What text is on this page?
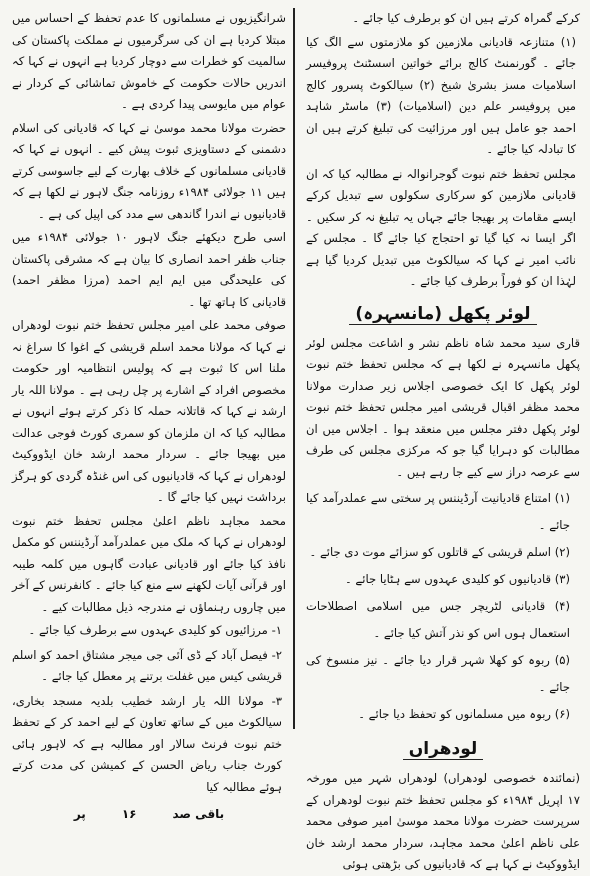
کرکے گمراہ کرتے ہیں ان کو برطرف کیا جائے ۔

(۱) متنازعہ قادیانی ملازمین کو ملازمتوں سے الگ کیا جائے ۔ گورنمنٹ کالج برائے خواتین اسسٹنٹ پروفیسر اسلامیات مسز بشریٰ شیخ (۲) سیالکوٹ پسرور کالج میں پروفیسر علم دین (اسلامیات) (۳) ماسٹر شاہد احمد جو عامل ہیں اور مرزائیت کی تبلیغ کرتے ہیں ان کا تبادلہ کیا جائے ۔

مجلس تحفظ ختم نبوت گوجرانوالہ نے مطالبہ کیا کہ ان قادیانی ملازمین کو سرکاری سکولوں سے تبدیل کرکے ایسے مقامات پر بھیجا جائے جہاں یہ تبلیغ نہ کر سکیں ۔ اگر ایسا نہ کیا گیا تو احتجاج کیا جائے گا ۔ مجلس کے نائب امیر نے کہا کہ سیالکوٹ میں تبدیل کردیا گیا ہے لہٰذا ان کو فوراً برطرف کیا جائے ۔

لوئر پکھل (مانسہرہ)

قاری سید محمد شاہ ناظم نشر و اشاعت مجلس لوئر پکھل مانسہرہ نے لکھا ہے کہ مجلس تحفظ ختم نبوت لوئر پکھل کا ایک خصوصی اجلاس زیر صدارت مولانا محمد مظفر اقبال قریشی امیر مجلس تحفظ ختم نبوت لوئر پکھل دفتر مجلس میں منعقد ہوا ۔ اجلاس میں ان مطالبات کو دہرایا گیا جو کہ مرکزی مجلس کی طرف سے عرصہ دراز سے کیے جا رہے ہیں ۔

(۱) امتناع قادیانیت آرڈیننس پر سختی سے عملدرآمد کیا جائے ۔
(۲) اسلم قریشی کے قاتلوں کو سزائے موت دی جائے ۔
(۳) قادیانیوں کو کلیدی عہدوں سے ہٹایا جائے ۔
(۴) قادیانی لٹریچر جس میں اسلامی اصطلاحات استعمال ہوں اس کو نذر آتش کیا جائے ۔
(۵) ربوہ کو کھلا شہر قرار دیا جائے ۔ نیز منسوخ کی جائے ۔
(۶) ربوہ میں مسلمانوں کو تحفظ دیا جائے ۔
لودھراں

(نمائندہ خصوصی لودھراں) لودھراں شہر میں مورخہ ۱۷ اپریل ۱۹۸۴ء کو مجلس تحفظ ختم نبوت لودھراں کے سرپرست حضرت مولانا محمد موسیٰ امیر صوفی محمد علی ناظم اعلیٰ محمد مجاہد، سردار محمد ارشد خان ایڈووکیٹ نے کہا ہے کہ قادیانیوں کی بڑھتی ہوئی

شرانگیزیوں نے مسلمانوں کا عدم تحفظ کے احساس میں مبتلا کردیا ہے ان کی سرگرمیوں نے مملکت پاکستان کی سالمیت کو خطرات سے دوچار کردیا ہے انہوں نے کہا کہ اندریں حالات حکومت کے خاموش تماشائی کے کردار نے عوام میں مایوسی پیدا کردی ہے ۔

حضرت مولانا محمد موسیٰ نے کہا کہ قادیانی کی اسلام دشمنی کے دستاویزی ثبوت پیش کیے ۔ انہوں نے کہا کہ قادیانی مسلمانوں کے خلاف بھارت کے لیے جاسوسی کرتے ہیں ۱۱ جولائی ۱۹۸۴ء روزنامہ جنگ لاہور نے لکھا ہے کہ قادیانیوں نے اندرا گاندھی سے مدد کی اپیل کی ہے ۔

اسی طرح دیکھئے جنگ لاہور ۱۰ جولائی ۱۹۸۴ء میں جناب ظفر احمد انصاری کا بیان ہے کہ مشرقی پاکستان کی علیحدگی میں ایم ایم احمد (مرزا مظفر احمد) قادیانی کا ہاتھ تھا ۔

صوفی محمد علی امیر مجلس تحفظ ختم نبوت لودھراں نے کہا کہ مولانا محمد اسلم قریشی کے اغوا کا سراغ نہ ملنا اس کا ثبوت ہے کہ پولیس انتظامیہ اور حکومت مخصوص افراد کے اشارے پر چل رہی ہے ۔ مولانا اللہ یار ارشد نے کہا کہ قاتلانہ حملہ کا ذکر کرتے ہوئے انہوں نے مطالبہ کیا کہ ان ملزمان کو سمری کورٹ فوجی عدالت میں بھیجا جائے ۔ سردار محمد ارشد خان ایڈووکیٹ لودھراں نے کہا کہ قادیانیوں کی اس غنڈہ گردی کو ہرگز برداشت نہیں کیا جائے گا ۔

محمد مجاہد ناظم اعلیٰ مجلس تحفظ ختم نبوت لودھراں نے کہا کہ ملک میں عملدرآمد آرڈیننس کو مکمل نافذ کیا جائے اور قادیانی عبادت گاہوں میں کلمہ طیبہ اور قرآنی آیات لکھنے سے منع کیا جائے ۔ کانفرنس کے آخر میں چاروں رہنماؤں نے مندرجہ ذیل مطالبات کیے ۔

۱- مرزائیوں کو کلیدی عہدوں سے برطرف کیا جائے ۔

۲- فیصل آباد کے ڈی آئی جی میجر مشتاق احمد کو اسلم قریشی کیس میں غفلت برتنے پر معطل کیا جائے ۔

۳- مولانا اللہ یار ارشد خطیب بلدیہ مسجد بخاری، سیالکوٹ میں کے ساتھ تعاون کے لیے احمد کر کے تحفظ ختم نبوت فرنٹ سالار اور مطالبہ ہے کہ لاہور ہائی کورٹ جناب ریاض الحسن کے کمیشن کی مدت کرتے ہوئے مطالبہ کیا

باقی صد
۱۶
پر
